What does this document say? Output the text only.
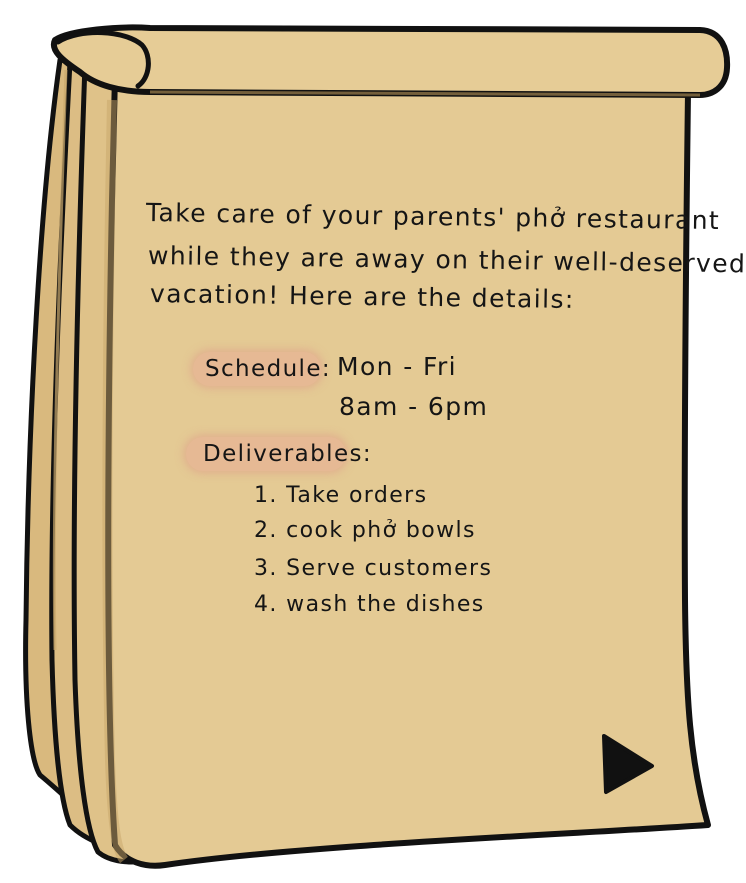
Take care of your parents' phở restaurant
while they are away on their well-deserved
vacation! Here are the details:
Schedule: Mon - Fri
8am - 6pm
Deliverables:
1. Take orders
2. cook phở bowls
3. Serve customers
4. wash the dishes
